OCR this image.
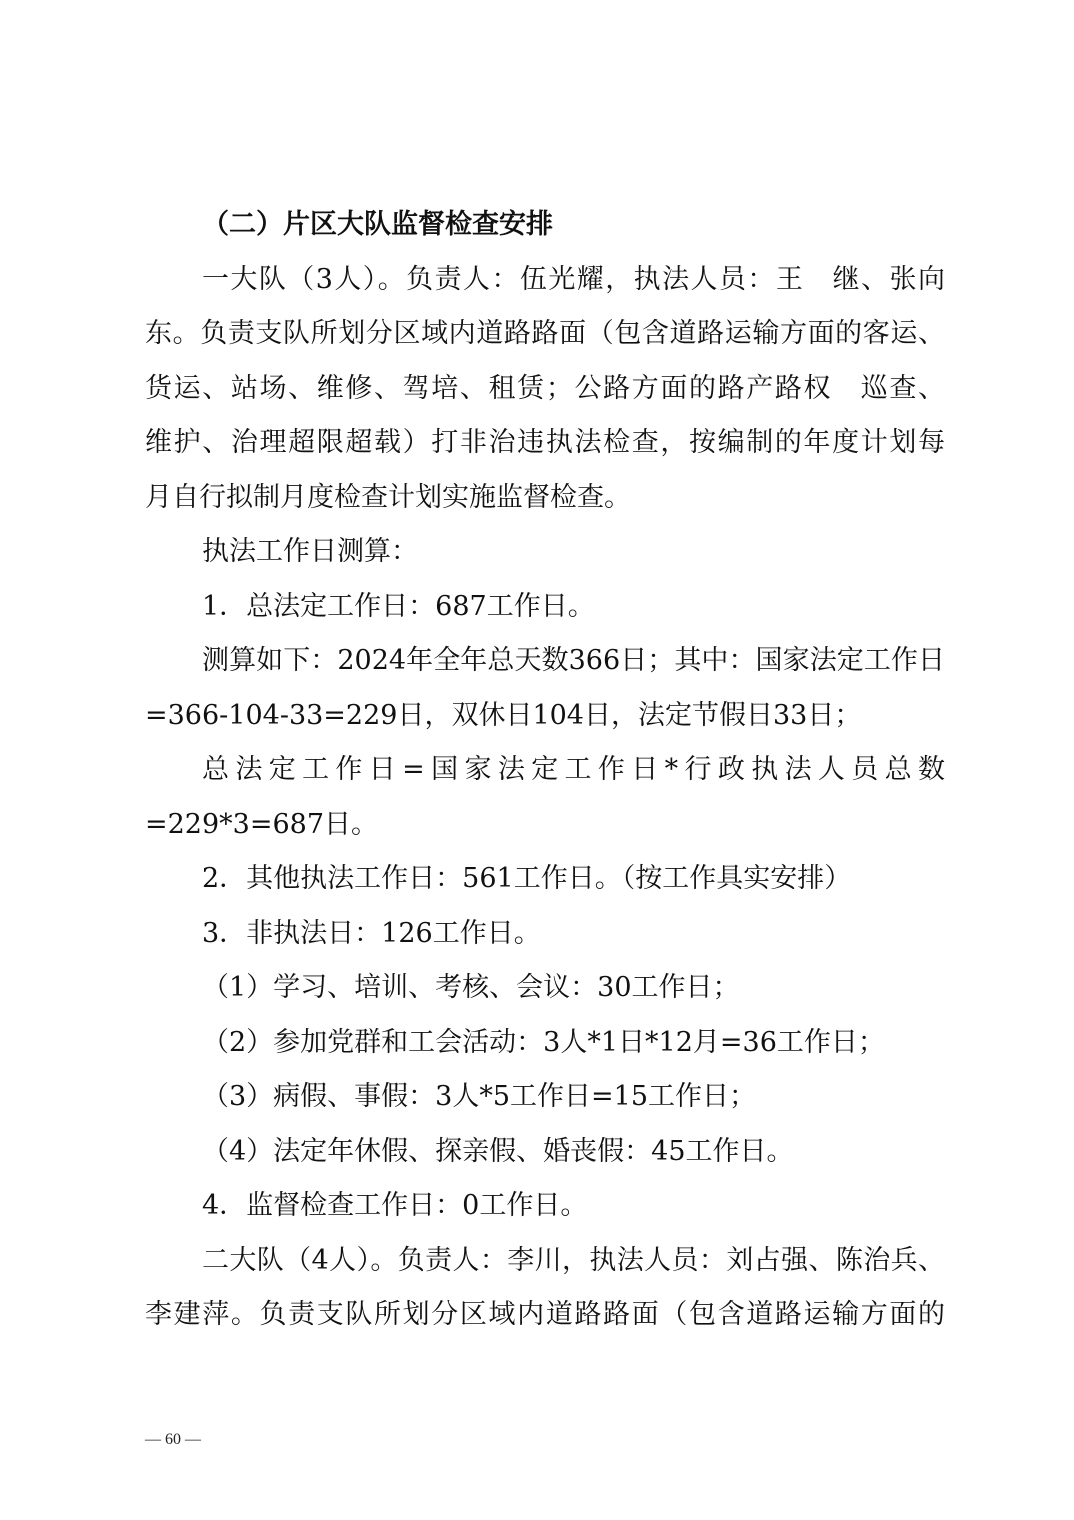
（二）片区大队监督检查安排
一大队（3人）。负责人：伍光耀，执法人员：王　继、张向
东。负责支队所划分区域内道路路面（包含道路运输方面的客运、
货运、站场、维修、驾培、租赁；公路方面的路产路权　巡查、
维护、治理超限超载）打非治违执法检查，按编制的年度计划每
月自行拟制月度检查计划实施监督检查。
执法工作日测算：
1．总法定工作日：687工作日。
测算如下：2024年全年总天数366日；其中：国家法定工作日
=366-104-33=229日，双休日104日，法定节假日33日；
总法定工作日=国家法定工作日*行政执法人员总数
=229*3=687日。
2．其他执法工作日：561工作日。（按工作具实安排）
3．非执法日：126工作日。
（1）学习、培训、考核、会议：30工作日；
（2）参加党群和工会活动：3人*1日*12月=36工作日；
（3）病假、事假：3人*5工作日=15工作日；
（4）法定年休假、探亲假、婚丧假：45工作日。
4．监督检查工作日：0工作日。
二大队（4人）。负责人：李川，执法人员：刘占强、陈治兵、
李建萍。负责支队所划分区域内道路路面（包含道路运输方面的
— 60 —
